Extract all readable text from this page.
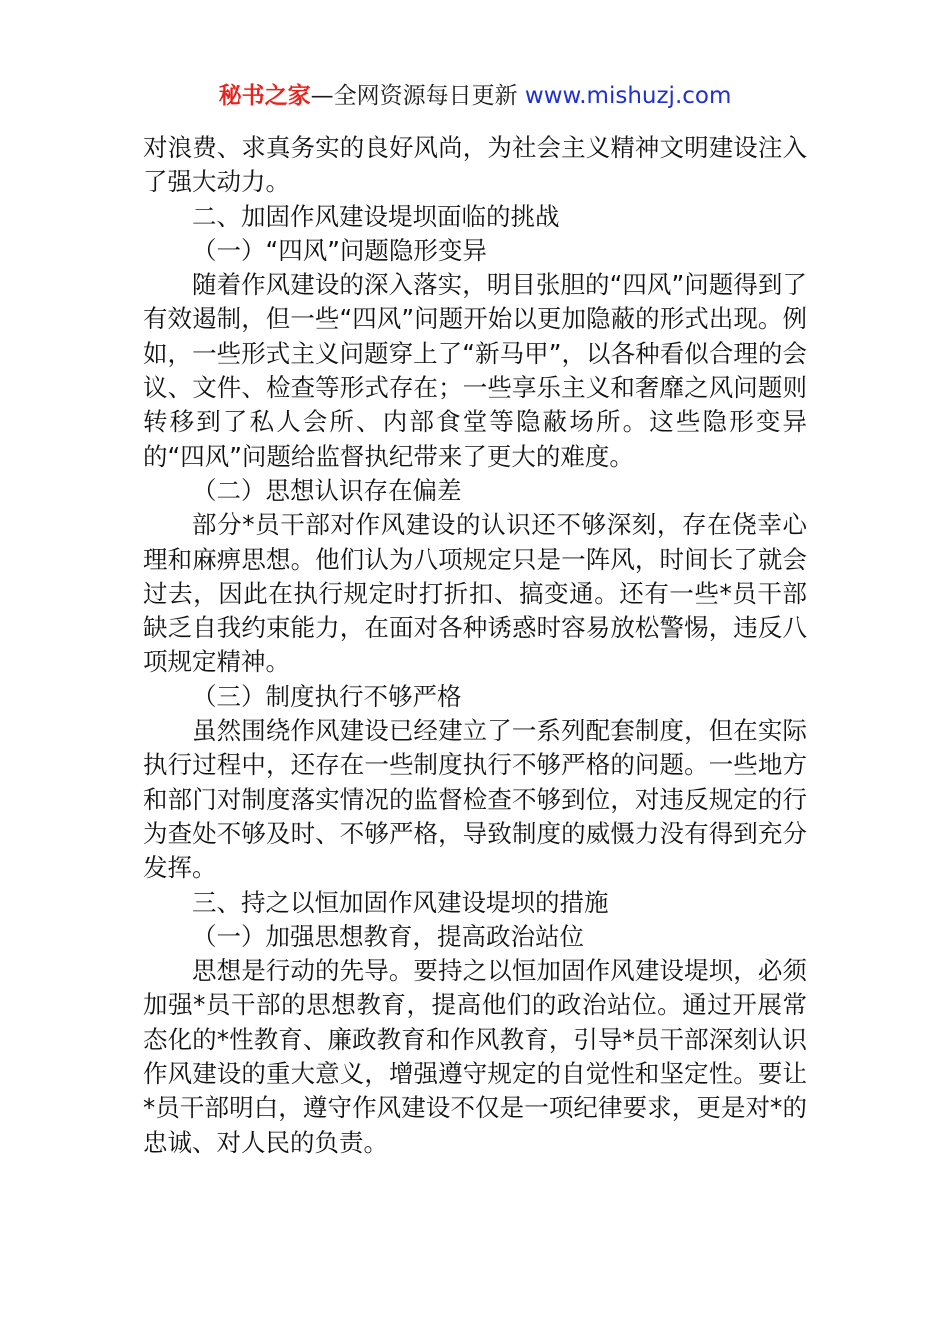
秘书之家—全网资源每日更新 www.mishuzj.com

对浪费、求真务实的良好风尚，为社会主义精神文明建设注入了强大动力。

二、加固作风建设堤坝面临的挑战

（一）“四风”问题隐形变异

随着作风建设的深入落实，明目张胆的“四风”问题得到了有效遏制，但一些“四风”问题开始以更加隐蔽的形式出现。例如，一些形式主义问题穿上了“新马甲”，以各种看似合理的会议、文件、检查等形式存在；一些享乐主义和奢靡之风问题则转移到了私人会所、内部食堂等隐蔽场所。这些隐形变异的“四风”问题给监督执纪带来了更大的难度。

（二）思想认识存在偏差

部分*员干部对作风建设的认识还不够深刻，存在侥幸心理和麻痹思想。他们认为八项规定只是一阵风，时间长了就会过去，因此在执行规定时打折扣、搞变通。还有一些*员干部缺乏自我约束能力，在面对各种诱惑时容易放松警惕，违反八项规定精神。

（三）制度执行不够严格

虽然围绕作风建设已经建立了一系列配套制度，但在实际执行过程中，还存在一些制度执行不够严格的问题。一些地方和部门对制度落实情况的监督检查不够到位，对违反规定的行为查处不够及时、不够严格，导致制度的威慑力没有得到充分发挥。

三、持之以恒加固作风建设堤坝的措施

（一）加强思想教育，提高政治站位

思想是行动的先导。要持之以恒加固作风建设堤坝，必须加强*员干部的思想教育，提高他们的政治站位。通过开展常态化的*性教育、廉政教育和作风教育，引导*员干部深刻认识作风建设的重大意义，增强遵守规定的自觉性和坚定性。要让*员干部明白，遵守作风建设不仅是一项纪律要求，更是对*的忠诚、对人民的负责。
